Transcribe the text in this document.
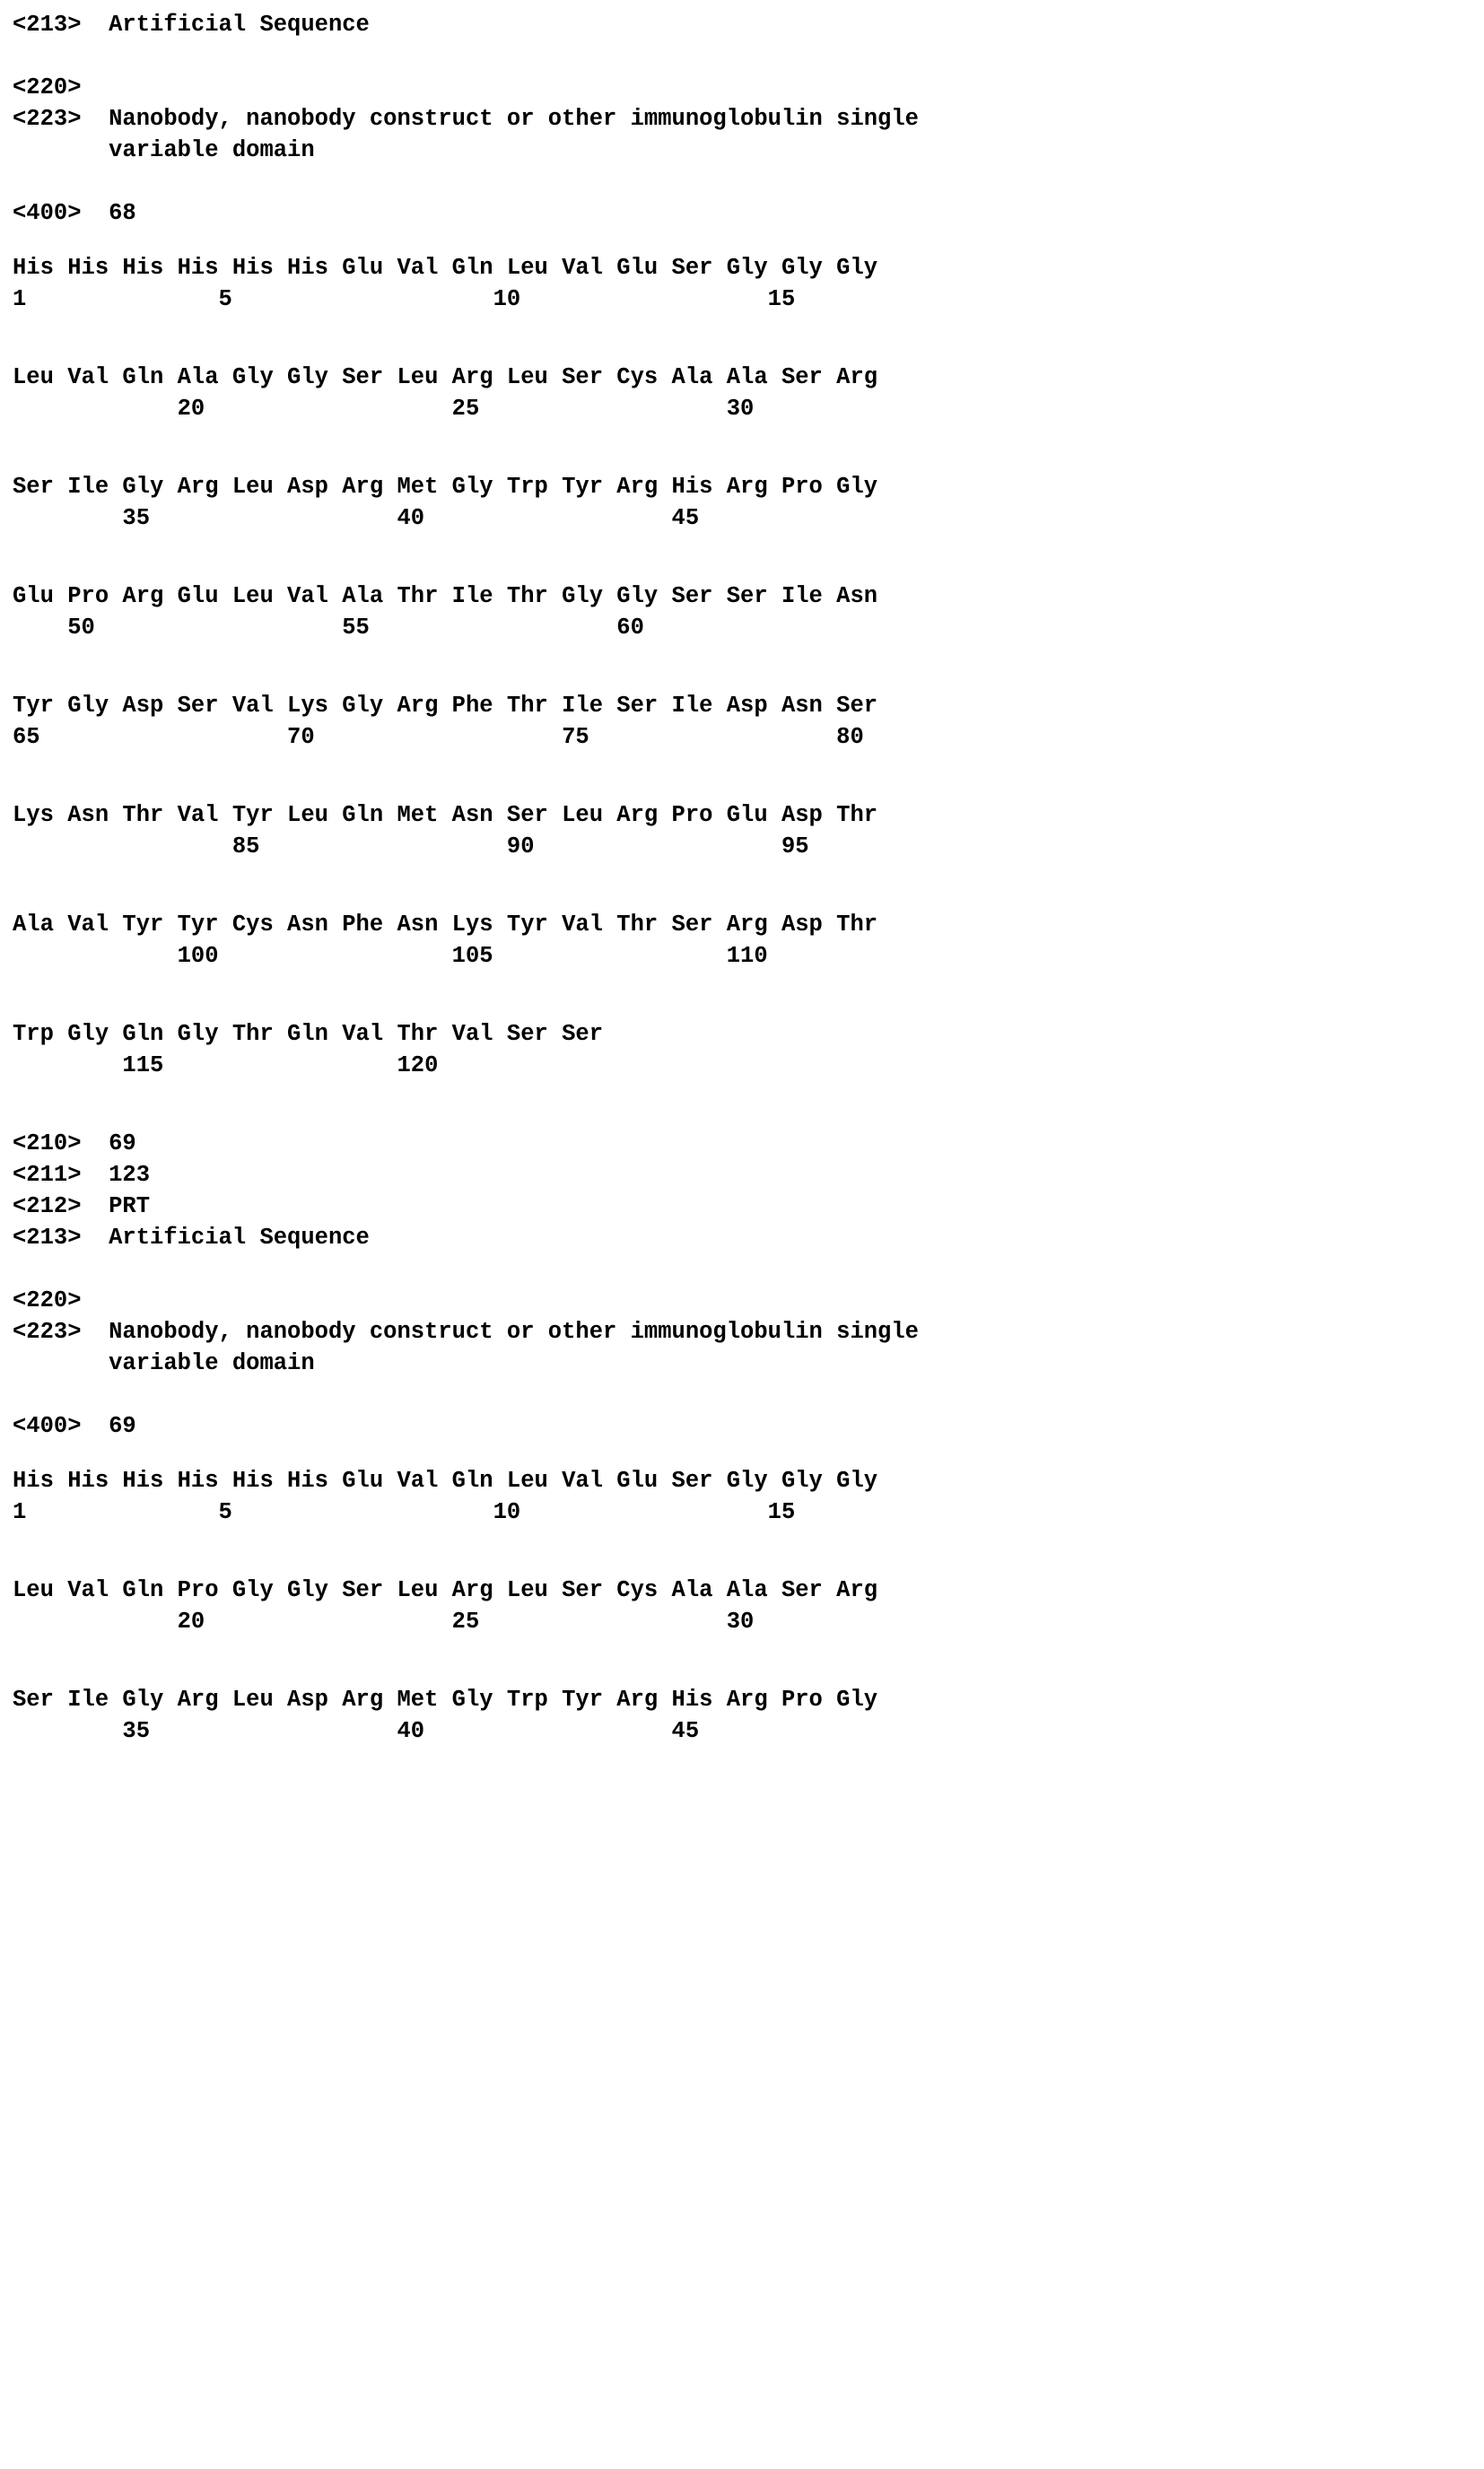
<213>  Artificial Sequence
<220>
<223>  Nanobody, nanobody construct or other immunoglobulin single
variable domain
<400>  68
His His His His His His Glu Val Gln Leu Val Glu Ser Gly Gly Gly
1              5                   10                  15
Leu Val Gln Ala Gly Gly Ser Leu Arg Leu Ser Cys Ala Ala Ser Arg
20                  25                  30
Ser Ile Gly Arg Leu Asp Arg Met Gly Trp Tyr Arg His Arg Pro Gly
35                  40                  45
Glu Pro Arg Glu Leu Val Ala Thr Ile Thr Gly Gly Ser Ser Ile Asn
50                  55                  60
Tyr Gly Asp Ser Val Lys Gly Arg Phe Thr Ile Ser Ile Asp Asn Ser
65                  70                  75                  80
Lys Asn Thr Val Tyr Leu Gln Met Asn Ser Leu Arg Pro Glu Asp Thr
85                  90                  95
Ala Val Tyr Tyr Cys Asn Phe Asn Lys Tyr Val Thr Ser Arg Asp Thr
100                 105                 110
Trp Gly Gln Gly Thr Gln Val Thr Val Ser Ser
115                 120
<210>  69
<211>  123
<212>  PRT
<213>  Artificial Sequence
<220>
<223>  Nanobody, nanobody construct or other immunoglobulin single
variable domain
<400>  69
His His His His His His Glu Val Gln Leu Val Glu Ser Gly Gly Gly
1              5                   10                  15
Leu Val Gln Pro Gly Gly Ser Leu Arg Leu Ser Cys Ala Ala Ser Arg
20                  25                  30
Ser Ile Gly Arg Leu Asp Arg Met Gly Trp Tyr Arg His Arg Pro Gly
35                  40                  45
